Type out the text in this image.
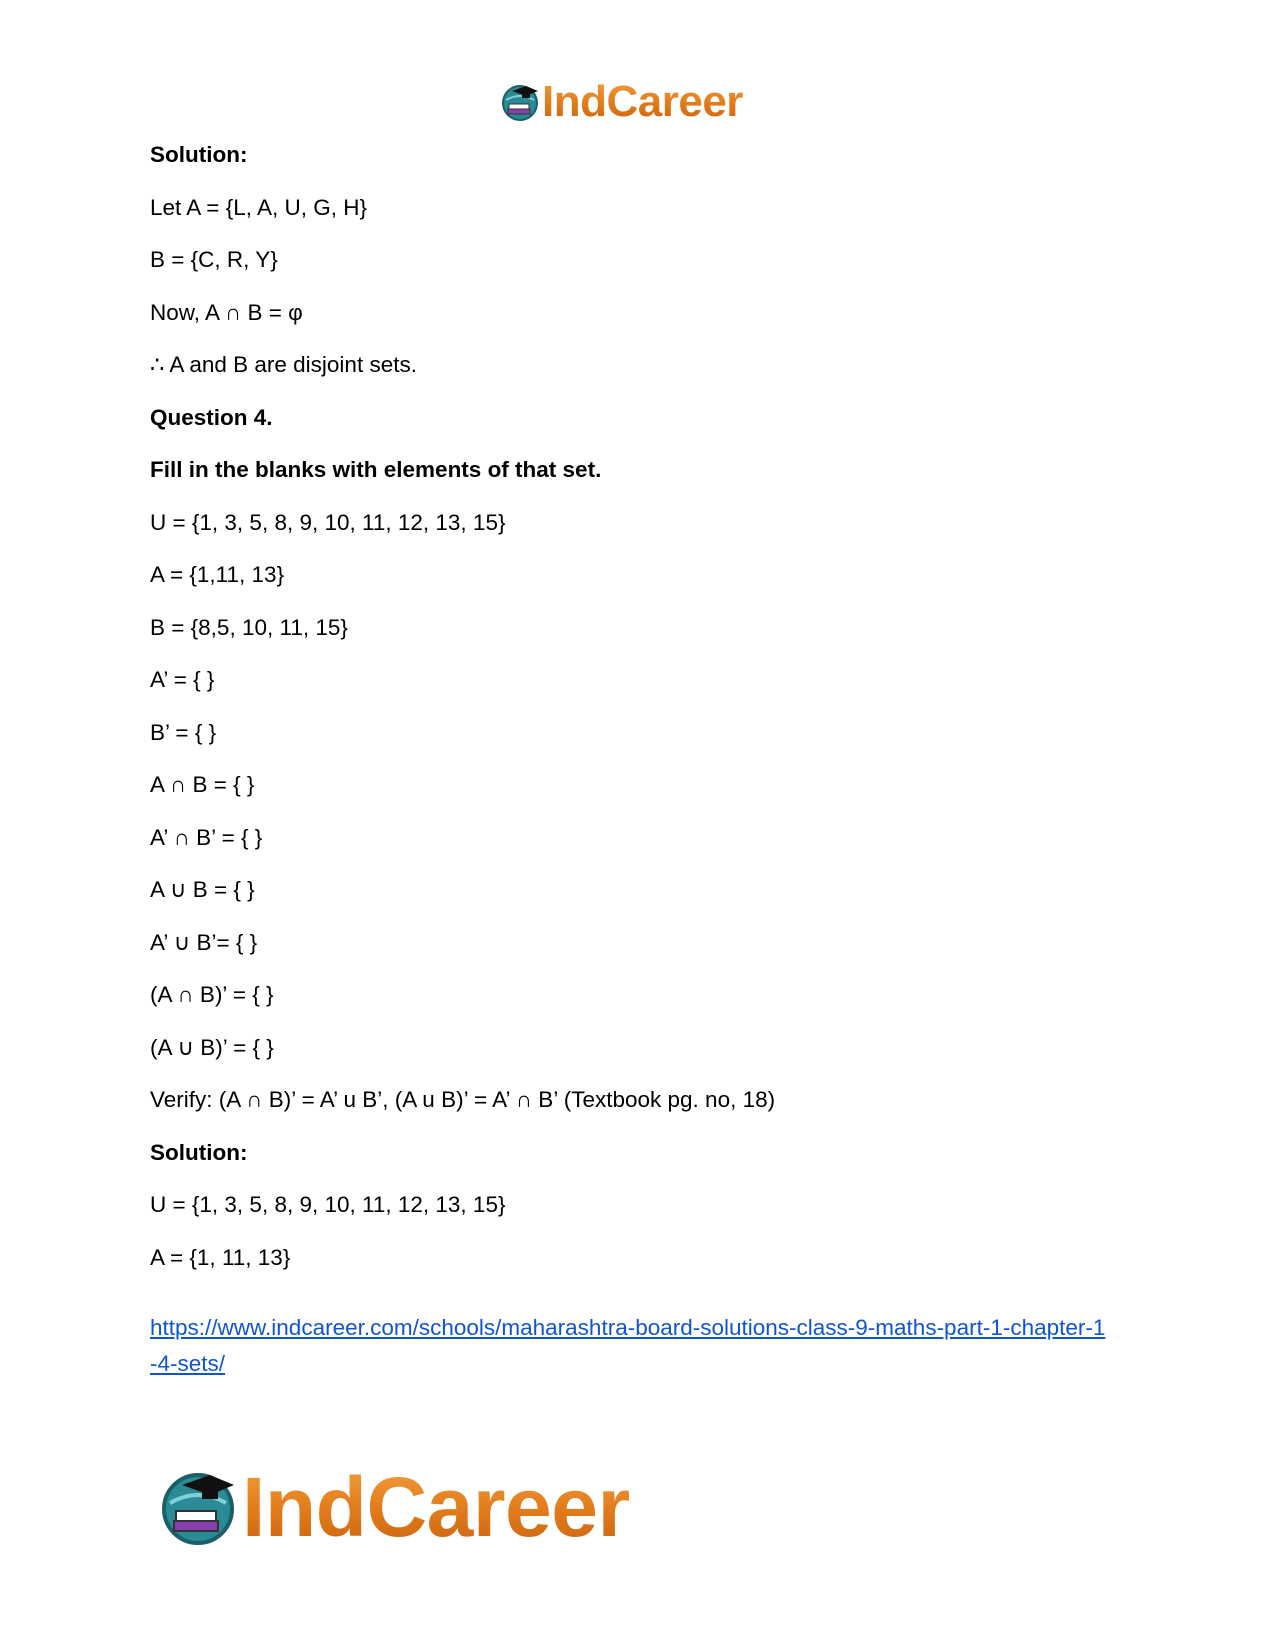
IndCareer
Solution:
Let A = {L, A, U, G, H}
B = {C, R, Y}
Now, A ∩ B = φ
∴ A and B are disjoint sets.
Question 4.
Fill in the blanks with elements of that set.
U = {1, 3, 5, 8, 9, 10, 11, 12, 13, 15}
A = {1,11, 13}
B = {8,5, 10, 11, 15}
A’ = { }
B’ = { }
A ∩ B = { }
A’ ∩ B’ = { }
A ∪ B = { }
A’ ∪ B’= { }
(A ∩ B)’ = { }
(A ∪ B)’ = { }
Verify: (A ∩ B)’ = A’ u B’, (A u B)’ = A’ ∩ B’ (Textbook pg. no, 18)
Solution:
U = {1, 3, 5, 8, 9, 10, 11, 12, 13, 15}
A = {1, 11, 13}
https://www.indcareer.com/schools/maharashtra-board-solutions-class-9-maths-part-1-chapter-1
-4-sets/
IndCareer
